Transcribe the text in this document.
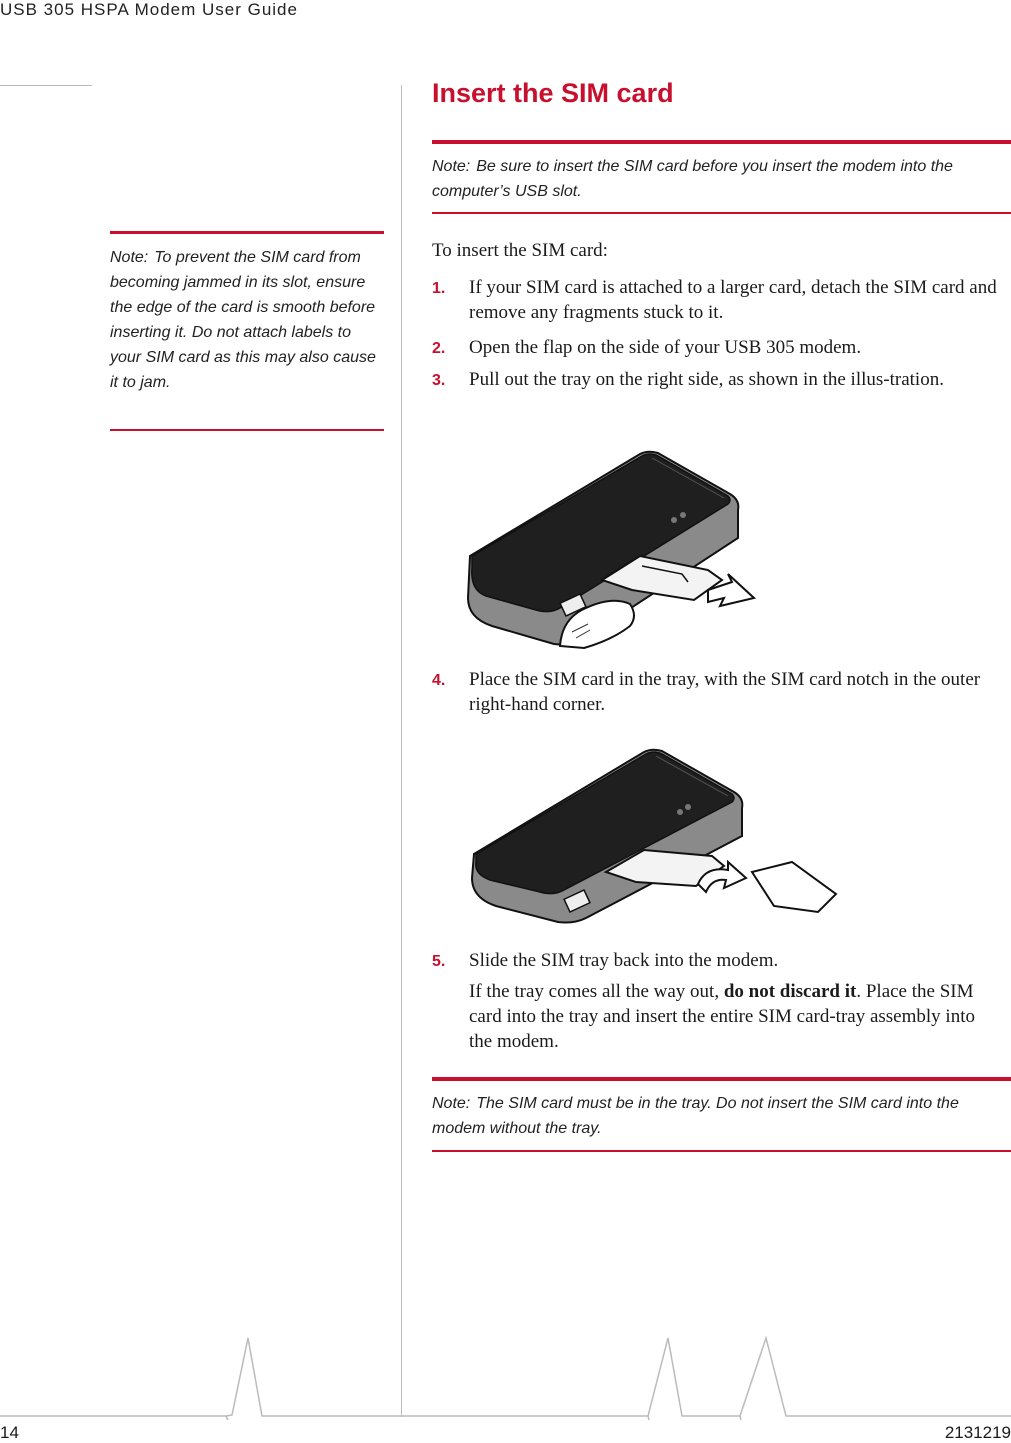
USB 305 HSPA Modem User Guide
Insert the SIM card
Note: Be sure to insert the SIM card before you insert the modem into the computer’s USB slot.
Note: To prevent the SIM card from becoming jammed in its slot, ensure the edge of the card is smooth before inserting it. Do not attach labels to your SIM card as this may also cause it to jam.
To insert the SIM card:
1. If your SIM card is attached to a larger card, detach the SIM card and remove any fragments stuck to it.
2. Open the flap on the side of your USB 305 modem.
3. Pull out the tray on the right side, as shown in the illus-tration.
4. Place the SIM card in the tray, with the SIM card notch in the outer right-hand corner.
5. Slide the SIM tray back into the modem.
If the tray comes all the way out, do not discard it. Place the SIM card into the tray and insert the entire SIM card-tray assembly into the modem.
Note: The SIM card must be in the tray. Do not insert the SIM card into the modem without the tray.
14	2131219
